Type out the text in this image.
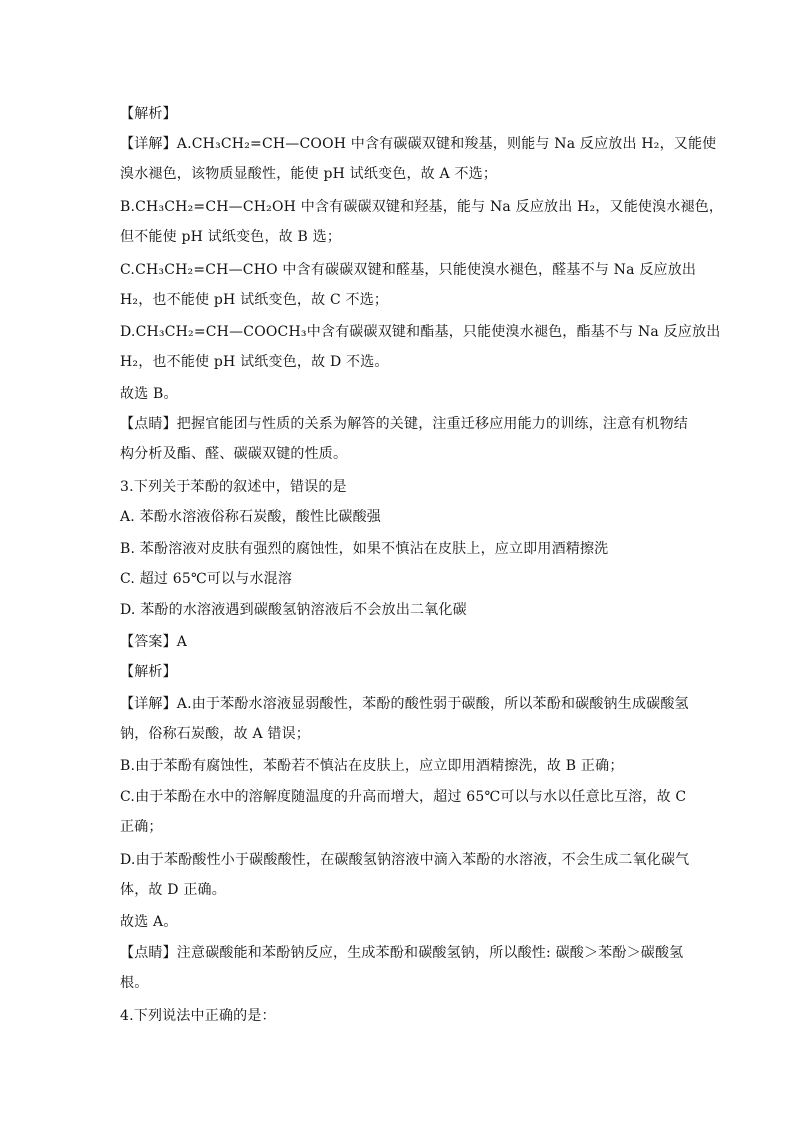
【解析】
【详解】A.CH₃CH₂=CH—COOH 中含有碳碳双键和羧基，则能与 Na 反应放出 H₂，又能使
溴水褪色，该物质显酸性，能使 pH 试纸变色，故 A 不选；
B.CH₃CH₂=CH—CH₂OH 中含有碳碳双键和羟基，能与 Na 反应放出 H₂，又能使溴水褪色，
但不能使 pH 试纸变色，故 B 选；
C.CH₃CH₂=CH—CHO 中含有碳碳双键和醛基，只能使溴水褪色，醛基不与 Na 反应放出
H₂，也不能使 pH 试纸变色，故 C 不选；
D.CH₃CH₂=CH—COOCH₃中含有碳碳双键和酯基，只能使溴水褪色，酯基不与 Na 反应放出
H₂，也不能使 pH 试纸变色，故 D 不选。
故选 B。
【点睛】把握官能团与性质的关系为解答的关键，注重迁移应用能力的训练，注意有机物结
构分析及酯、醛、碳碳双键的性质。
3.下列关于苯酚的叙述中，错误的是
A. 苯酚水溶液俗称石炭酸，酸性比碳酸强
B. 苯酚溶液对皮肤有强烈的腐蚀性，如果不慎沾在皮肤上，应立即用酒精擦洗
C. 超过 65℃可以与水混溶
D. 苯酚的水溶液遇到碳酸氢钠溶液后不会放出二氧化碳
【答案】A
【解析】
【详解】A.由于苯酚水溶液显弱酸性，苯酚的酸性弱于碳酸，所以苯酚和碳酸钠生成碳酸氢
钠，俗称石炭酸，故 A 错误；
B.由于苯酚有腐蚀性，苯酚若不慎沾在皮肤上，应立即用酒精擦洗，故 B 正确；
C.由于苯酚在水中的溶解度随温度的升高而增大，超过 65℃可以与水以任意比互溶，故 C
正确；
D.由于苯酚酸性小于碳酸酸性，在碳酸氢钠溶液中滴入苯酚的水溶液，不会生成二氧化碳气
体，故 D 正确。
故选 A。
【点睛】注意碳酸能和苯酚钠反应，生成苯酚和碳酸氢钠，所以酸性: 碳酸＞苯酚＞碳酸氢
根。
4.下列说法中正确的是：
